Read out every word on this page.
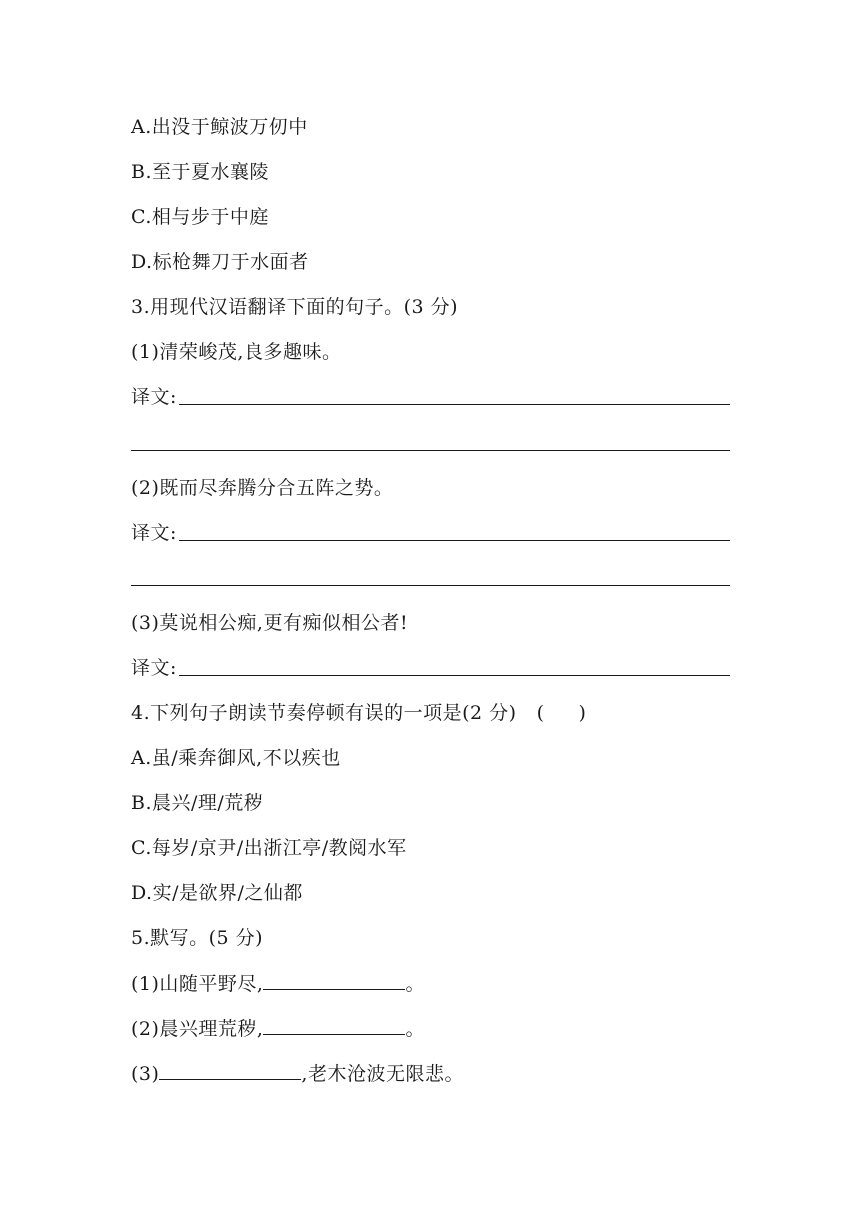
A.出没于鲸波万仞中
B.至于夏水襄陵
C.相与步于中庭
D.标枪舞刀于水面者
3.用现代汉语翻译下面的句子。(3 分)
(1)清荣峻茂,良多趣味。
译文:
(2)既而尽奔腾分合五阵之势。
译文:
(3)莫说相公痴,更有痴似相公者!
译文:
4.下列句子朗读节奏停顿有误的一项是(2 分) ( )
A.虽/乘奔御风,不以疾也
B.晨兴/理/荒秽
C.每岁/京尹/出浙江亭/教阅水军
D.实/是欲界/之仙都
5.默写。(5 分)
(1)山随平野尽,	。
(2)晨兴理荒秽,	。
(3)	,老木沧波无限悲。
